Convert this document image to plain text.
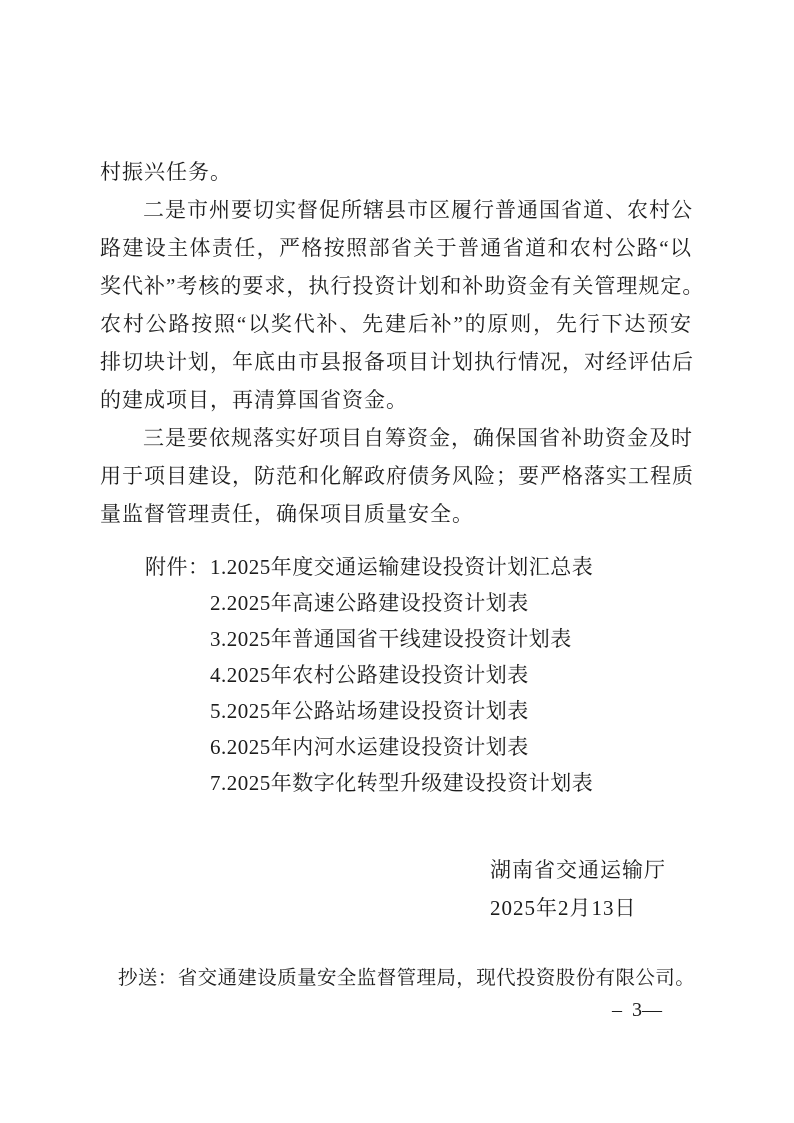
村振兴任务。
二是市州要切实督促所辖县市区履行普通国省道、农村公
路建设主体责任，严格按照部省关于普通省道和农村公路“以
奖代补”考核的要求，执行投资计划和补助资金有关管理规定。
农村公路按照“以奖代补、先建后补”的原则，先行下达预安
排切块计划，年底由市县报备项目计划执行情况，对经评估后
的建成项目，再清算国省资金。
三是要依规落实好项目自筹资金，确保国省补助资金及时
用于项目建设，防范和化解政府债务风险；要严格落实工程质
量监督管理责任，确保项目质量安全。
附件：1.2025年度交通运输建设投资计划汇总表
2.2025年高速公路建设投资计划表
3.2025年普通国省干线建设投资计划表
4.2025年农村公路建设投资计划表
5.2025年公路站场建设投资计划表
6.2025年内河水运建设投资计划表
7.2025年数字化转型升级建设投资计划表
湖南省交通运输厅
2025年2月13日
抄送：省交通建设质量安全监督管理局，现代投资股份有限公司。
–  3—
